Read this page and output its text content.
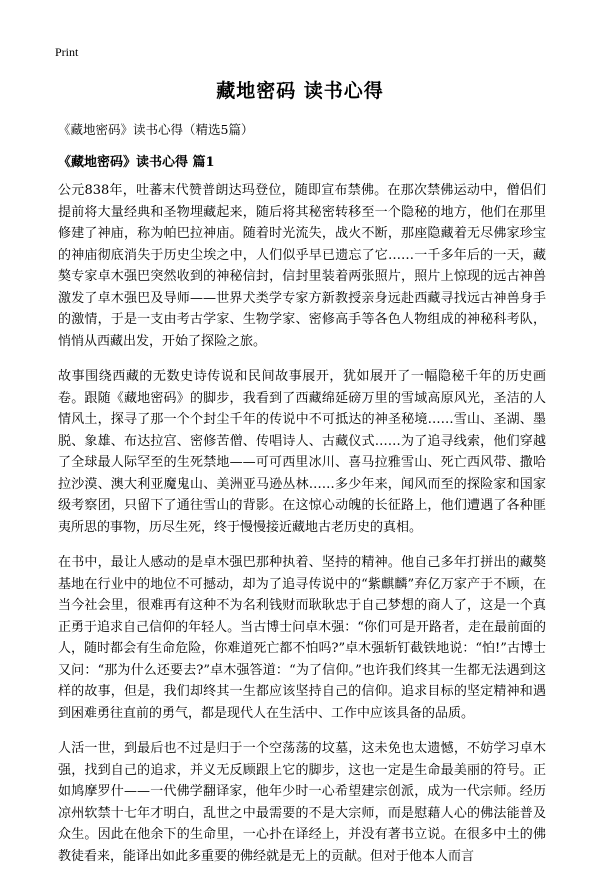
Print
藏地密码 读书心得
《藏地密码》读书心得（精选5篇）
《藏地密码》读书心得 篇1

公元838年，吐蕃末代赞普朗达玛登位，随即宣布禁佛。在那次禁佛运动中，僧侣们提前将大量经典和圣物埋藏起来，随后将其秘密转移至一个隐秘的地方，他们在那里修建了神庙，称为帕巴拉神庙。随着时光流失，战火不断，那座隐藏着无尽佛家珍宝的神庙彻底消失于历史尘埃之中，人们似乎早已遗忘了它……一千多年后的一天，藏獒专家卓木强巴突然收到的神秘信封，信封里装着两张照片，照片上惊现的远古神兽激发了卓木强巴及导师——世界犬类学专家方新教授亲身远赴西藏寻找远古神兽身手的激情，于是一支由考古学家、生物学家、密修高手等各色人物组成的神秘科考队，悄悄从西藏出发，开始了探险之旅。

故事围绕西藏的无数史诗传说和民间故事展开，犹如展开了一幅隐秘千年的历史画卷。跟随《藏地密码》的脚步，我看到了西藏绵延磅万里的雪域高原风光，圣洁的人情风土，探寻了那一个个封尘千年的传说中不可抵达的神圣秘境……雪山、圣湖、墨脱、象雄、布达拉宫、密修苦僧、传唱诗人、古藏仪式……为了追寻线索，他们穿越了全球最人际罕至的生死禁地——可可西里冰川、喜马拉雅雪山、死亡西风带、撒哈拉沙漠、澳大利亚魔鬼山、美洲亚马逊丛林……多少年来，闻风而至的探险家和国家级考察团，只留下了通往雪山的背影。在这惊心动魄的长征路上，他们遭遇了各种匪夷所思的事物，历尽生死，终于慢慢接近藏地古老历史的真相。

在书中，最让人感动的是卓木强巴那种执着、坚持的精神。他自己多年打拼出的藏獒基地在行业中的地位不可撼动，却为了追寻传说中的“紫麒麟”弃亿万家产于不顾，在当今社会里，很难再有这种不为名利钱财而耿耿忠于自己梦想的商人了，这是一个真正勇于追求自己信仰的年轻人。当古博士问卓木强：“你们可是开路者，走在最前面的人，随时都会有生命危险，你难道死亡都不怕吗?”卓木强斩钉截铁地说：“怕!”古博士又问：“那为什么还要去?”卓木强答道：“为了信仰。”也许我们终其一生都无法遇到这样的故事，但是，我们却终其一生都应该坚持自己的信仰。追求目标的坚定精神和遇到困难勇往直前的勇气，都是现代人在生活中、工作中应该具备的品质。

人活一世，到最后也不过是归于一个空荡荡的坟墓，这未免也太遗憾，不妨学习卓木强，找到自己的追求，并义无反顾跟上它的脚步，这也一定是生命最美丽的符号。正如鸠摩罗什——一代佛学翻译家，他年少时一心希望建宗创派，成为一代宗师。经历凉州软禁十七年才明白，乱世之中最需要的不是大宗师，而是慰藉人心的佛法能普及众生。因此在他余下的生命里，一心扑在译经上，并没有著书立说。在很多中土的佛教徒看来，能译出如此多重要的佛经就是无上的贡献。但对于他本人而言
